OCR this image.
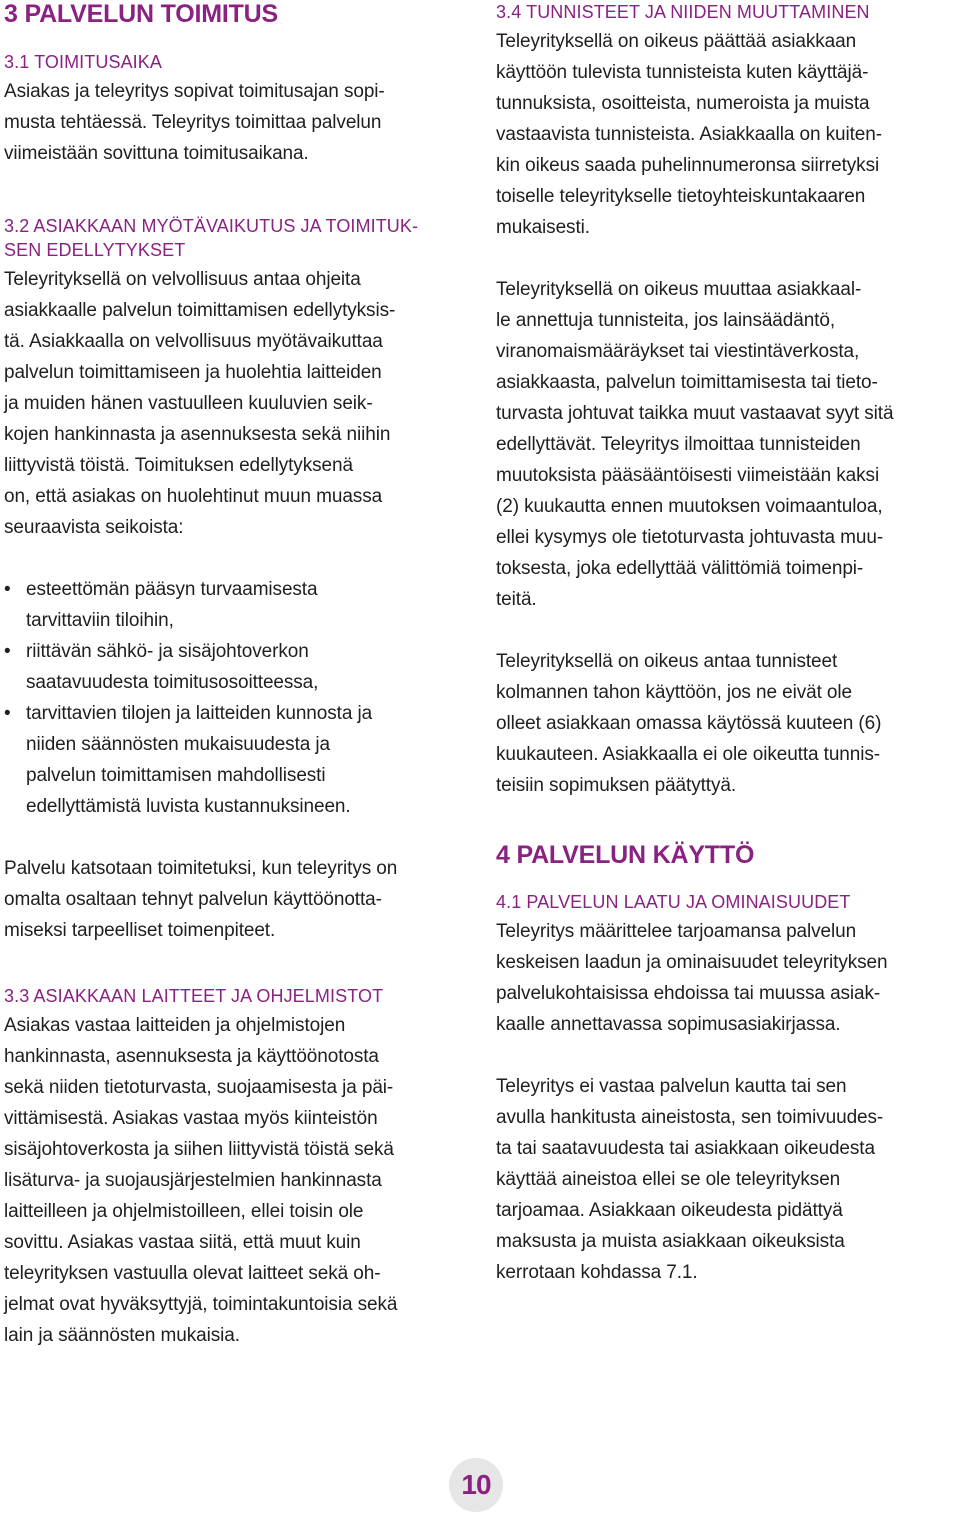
3 PALVELUN TOIMITUS
3.1 TOIMITUSAIKA
Asiakas ja teleyritys sopivat toimitusajan sopi-
musta tehtäessä. Teleyritys toimittaa palvelun
viimeistään sovittuna toimitusaikana.
3.2 ASIAKKAAN MYÖTÄVAIKUTUS JA TOIMITUK-
SEN EDELLYTYKSET
Teleyrityksellä on velvollisuus antaa ohjeita
asiakkaalle palvelun toimittamisen edellytyksis-
tä. Asiakkaalla on velvollisuus myötävaikuttaa
palvelun toimittamiseen ja huolehtia laitteiden
ja muiden hänen vastuulleen kuuluvien seik-
kojen hankinnasta ja asennuksesta sekä niihin
liittyvistä töistä. Toimituksen edellytyksenä
on, että asiakas on huolehtinut muun muassa
seuraavista seikoista:
• esteettömän pääsyn turvaamisesta
tarvittaviin tiloihin,
• riittävän sähkö- ja sisäjohtoverkon
saatavuudesta toimitusosoitteessa,
• tarvittavien tilojen ja laitteiden kunnosta ja
niiden säännösten mukaisuudesta ja
palvelun toimittamisen mahdollisesti
edellyttämistä luvista kustannuksineen.
Palvelu katsotaan toimitetuksi, kun teleyritys on
omalta osaltaan tehnyt palvelun käyttöönotta-
miseksi tarpeelliset toimenpiteet.
3.3 ASIAKKAAN LAITTEET JA OHJELMISTOT
Asiakas vastaa laitteiden ja ohjelmistojen
hankinnasta, asennuksesta ja käyttöönotosta
sekä niiden tietoturvasta, suojaamisesta ja päi-
vittämisestä. Asiakas vastaa myös kiinteistön
sisäjohtoverkosta ja siihen liittyvistä töistä sekä
lisäturva- ja suojausjärjestelmien hankinnasta
laitteilleen ja ohjelmistoilleen, ellei toisin ole
sovittu. Asiakas vastaa siitä, että muut kuin
teleyrityksen vastuulla olevat laitteet sekä oh-
jelmat ovat hyväksyttyjä, toimintakuntoisia sekä
lain ja säännösten mukaisia.
3.4 TUNNISTEET JA NIIDEN MUUTTAMINEN
Teleyrityksellä on oikeus päättää asiakkaan
käyttöön tulevista tunnisteista kuten käyttäjä-
tunnuksista, osoitteista, numeroista ja muista
vastaavista tunnisteista. Asiakkaalla on kuiten-
kin oikeus saada puhelinnumeronsa siirretyksi
toiselle teleyritykselle tietoyhteiskuntakaaren
mukaisesti.
Teleyrityksellä on oikeus muuttaa asiakkaal-
le annettuja tunnisteita, jos lainsäädäntö,
viranomaismääräykset tai viestintäverkosta,
asiakkaasta, palvelun toimittamisesta tai tieto-
turvasta johtuvat taikka muut vastaavat syyt sitä
edellyttävät. Teleyritys ilmoittaa tunnisteiden
muutoksista pääsääntöisesti viimeistään kaksi
(2) kuukautta ennen muutoksen voimaantuloa,
ellei kysymys ole tietoturvasta johtuvasta muu-
toksesta, joka edellyttää välittömiä toimenpi-
teitä.
Teleyrityksellä on oikeus antaa tunnisteet
kolmannen tahon käyttöön, jos ne eivät ole
olleet asiakkaan omassa käytössä kuuteen (6)
kuukauteen. Asiakkaalla ei ole oikeutta tunnis-
teisiin sopimuksen päätyttyä.
4 PALVELUN KÄYTTÖ
4.1 PALVELUN LAATU JA OMINAISUUDET
Teleyritys määrittelee tarjoamansa palvelun
keskeisen laadun ja ominaisuudet teleyrityksen
palvelukohtaisissa ehdoissa tai muussa asiak-
kaalle annettavassa sopimusasiakirjassa.
Teleyritys ei vastaa palvelun kautta tai sen
avulla hankitusta aineistosta, sen toimivuudes-
ta tai saatavuudesta tai asiakkaan oikeudesta
käyttää aineistoa ellei se ole teleyrityksen
tarjoamaa. Asiakkaan oikeudesta pidättyä
maksusta ja muista asiakkaan oikeuksista
kerrotaan kohdassa 7.1.
10
